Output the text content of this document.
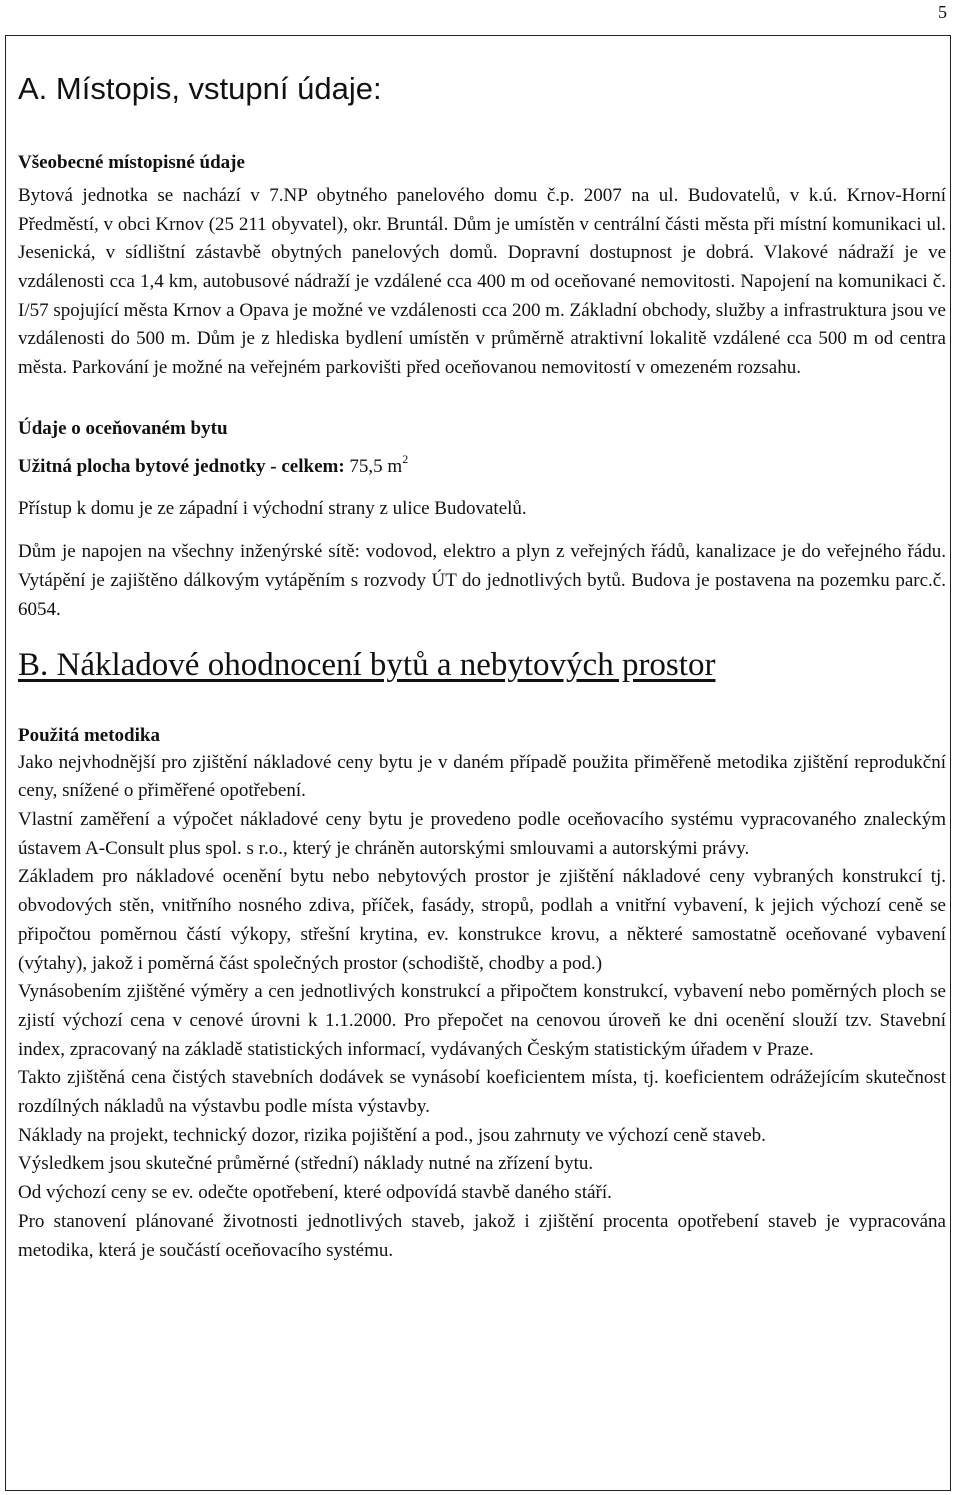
5
A. Místopis, vstupní údaje:
Všeobecné místopisné údaje

Bytová jednotka se nachází v 7.NP obytného panelového domu č.p. 2007 na ul. Budovatelů, v k.ú. Krnov-Horní Předměstí, v obci Krnov (25 211 obyvatel), okr. Bruntál. Dům je umístěn v centrální části města při místní komunikaci ul. Jesenická, v sídlištní zástavbě obytných panelových domů. Dopravní dostupnost je dobrá. Vlakové nádraží je ve vzdálenosti cca 1,4 km, autobusové nádraží je vzdálené cca 400 m od oceňované nemovitosti. Napojení na komunikaci č. I/57 spojující města Krnov a Opava je možné ve vzdálenosti cca 200 m. Základní obchody, služby a infrastruktura jsou ve vzdálenosti do 500 m. Dům je z hlediska bydlení umístěn v průměrně atraktivní lokalitě vzdálené cca 500 m od centra města. Parkování je možné na veřejném parkovišti před oceňovanou nemovitostí v omezeném rozsahu.

Údaje o oceňovaném bytu
Užitná plocha bytové jednotky - celkem: 75,5 $m^2$

Přístup k domu je ze západní i východní strany z ulice Budovatelů.

Dům je napojen na všechny inženýrské sítě: vodovod, elektro a plyn z veřejných řádů, kanalizace je do veřejného řádu. Vytápění je zajištěno dálkovým vytápěním s rozvody ÚT do jednotlivých bytů. Budova je postavena na pozemku parc.č. 6054.

B. Nákladové ohodnocení bytů a nebytových prostor
Použitá metodika

Jako nejvhodnější pro zjištění nákladové ceny bytu je v daném případě použita přiměřeně metodika zjištění reprodukční ceny, snížené o přiměřené opotřebení.

Vlastní zaměření a výpočet nákladové ceny bytu je provedeno podle oceňovacího systému vypracovaného znaleckým ústavem A-Consult plus spol. s r.o., který je chráněn autorskými smlouvami a autorskými právy.

Základem pro nákladové ocenění bytu nebo nebytových prostor je zjištění nákladové ceny vybraných konstrukcí tj. obvodových stěn, vnitřního nosného zdiva, příček, fasády, stropů, podlah a vnitřní vybavení, k jejich výchozí ceně se připočtou poměrnou částí výkopy, střešní krytina, ev. konstrukce krovu, a některé samostatně oceňované vybavení (výtahy), jakož i poměrná část společných prostor (schodiště, chodby a pod.)

Vynásobením zjištěné výměry a cen jednotlivých konstrukcí a připočtem konstrukcí, vybavení nebo poměrných ploch se zjistí výchozí cena v cenové úrovni k 1.1.2000. Pro přepočet na cenovou úroveň ke dni ocenění slouží tzv. Stavební index, zpracovaný na základě statistických informací, vydávaných Českým statistickým úřadem v Praze.

Takto zjištěná cena čistých stavebních dodávek se vynásobí koeficientem místa, tj. koeficientem odrážejícím skutečnost rozdílných nákladů na výstavbu podle místa výstavby.

Náklady na projekt, technický dozor, rizika pojištění a pod., jsou zahrnuty ve výchozí ceně staveb.

Výsledkem jsou skutečné průměrné (střední) náklady nutné na zřízení bytu.

Od výchozí ceny se ev. odečte opotřebení, které odpovídá stavbě daného stáří.

Pro stanovení plánované životnosti jednotlivých staveb, jakož i zjištění procenta opotřebení staveb je vypracována metodika, která je součástí oceňovacího systému.
